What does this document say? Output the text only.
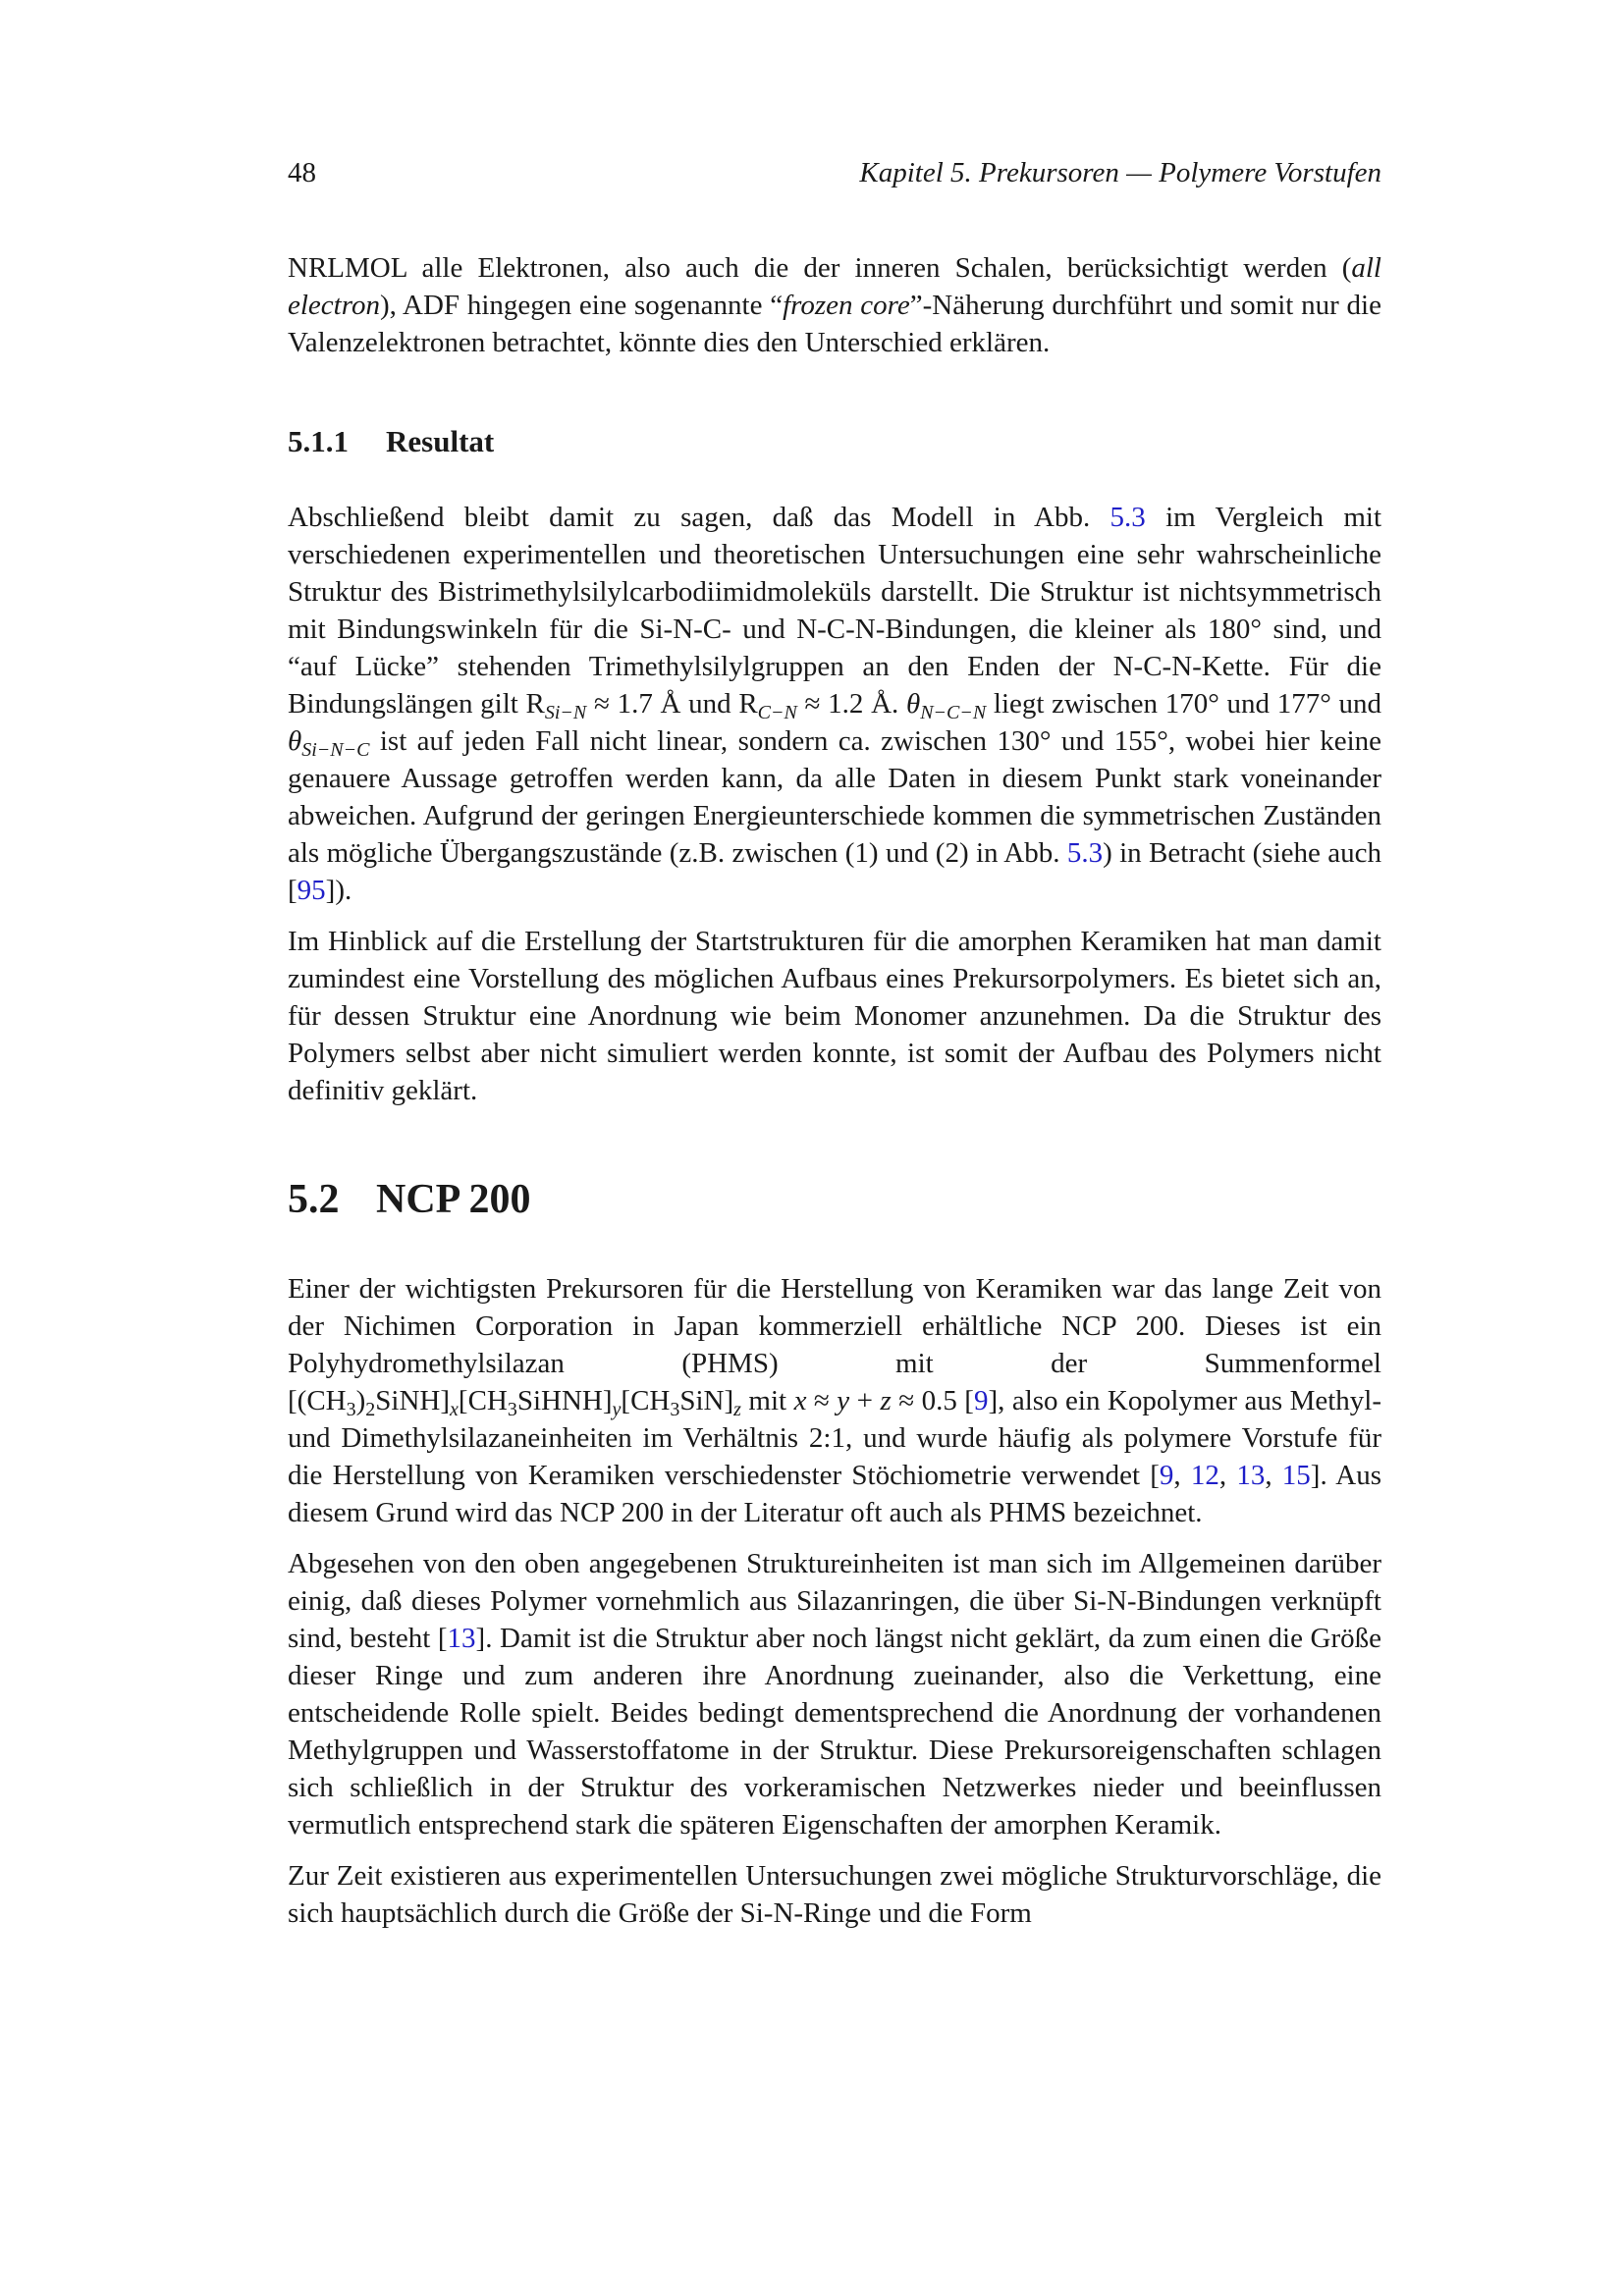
48	Kapitel 5. Prekursoren — Polymere Vorstufen

NRLMOL alle Elektronen, also auch die der inneren Schalen, berücksichtigt werden (all electron), ADF hingegen eine sogenannte “frozen core”-Näherung durchführt und somit nur die Valenzelektronen betrachtet, könnte dies den Unterschied erklären.

5.1.1 Resultat

Abschließend bleibt damit zu sagen, daß das Modell in Abb. 5.3 im Vergleich mit verschiedenen experimentellen und theoretischen Untersuchungen eine sehr wahrscheinliche Struktur des Bistrimethylsilylcarbodiimidmoleküls darstellt. Die Struktur ist nichtsymmetrisch mit Bindungswinkeln für die Si-N-C- und N-C-N-Bindungen, die kleiner als 180° sind, und “auf Lücke” stehenden Trimethylsilylgruppen an den Enden der N-C-N-Kette. Für die Bindungslängen gilt $R_{Si-N} \approx 1.7$ Å und $R_{C-N} \approx 1.2$ Å. $\theta_{N-C-N}$ liegt zwischen 170° und 177° und $\theta_{Si-N-C}$ ist auf jeden Fall nicht linear, sondern ca. zwischen 130° und 155°, wobei hier keine genauere Aussage getroffen werden kann, da alle Daten in diesem Punkt stark voneinander abweichen. Aufgrund der geringen Energieunterschiede kommen die symmetrischen Zuständen als mögliche Übergangszustände (z.B. zwischen (1) und (2) in Abb. 5.3) in Betracht (siehe auch [95]).

Im Hinblick auf die Erstellung der Startstrukturen für die amorphen Keramiken hat man damit zumindest eine Vorstellung des möglichen Aufbaus eines Prekursorpolymers. Es bietet sich an, für dessen Struktur eine Anordnung wie beim Monomer anzunehmen. Da die Struktur des Polymers selbst aber nicht simuliert werden konnte, ist somit der Aufbau des Polymers nicht definitiv geklärt.

5.2 NCP 200

Einer der wichtigsten Prekursoren für die Herstellung von Keramiken war das lange Zeit von der Nichimen Corporation in Japan kommerziell erhältliche NCP 200. Dieses ist ein Polyhydromethylsilazan (PHMS) mit der Summenformel $[(CH_3)_2SiNH]_x[CH_3SiHNH]_y[CH_3SiN]_z$ mit x ≈ y + z ≈ 0.5 [9], also ein Kopolymer aus Methyl- und Dimethylsilazaneinheiten im Verhältnis 2:1, und wurde häufig als polymere Vorstufe für die Herstellung von Keramiken verschiedenster Stöchiometrie verwendet [9, 12, 13, 15]. Aus diesem Grund wird das NCP 200 in der Literatur oft auch als PHMS bezeichnet.

Abgesehen von den oben angegebenen Struktureinheiten ist man sich im Allgemeinen darüber einig, daß dieses Polymer vornehmlich aus Silazanringen, die über Si-N-Bindungen verknüpft sind, besteht [13]. Damit ist die Struktur aber noch längst nicht geklärt, da zum einen die Größe dieser Ringe und zum anderen ihre Anordnung zueinander, also die Verkettung, eine entscheidende Rolle spielt. Beides bedingt dementsprechend die Anordnung der vorhandenen Methylgruppen und Wasserstoffatome in der Struktur. Diese Prekursoreigenschaften schlagen sich schließlich in der Struktur des vorkeramischen Netzwerkes nieder und beeinflussen vermutlich entsprechend stark die späteren Eigenschaften der amorphen Keramik.

Zur Zeit existieren aus experimentellen Untersuchungen zwei mögliche Strukturvorschläge, die sich hauptsächlich durch die Größe der Si-N-Ringe und die Form
